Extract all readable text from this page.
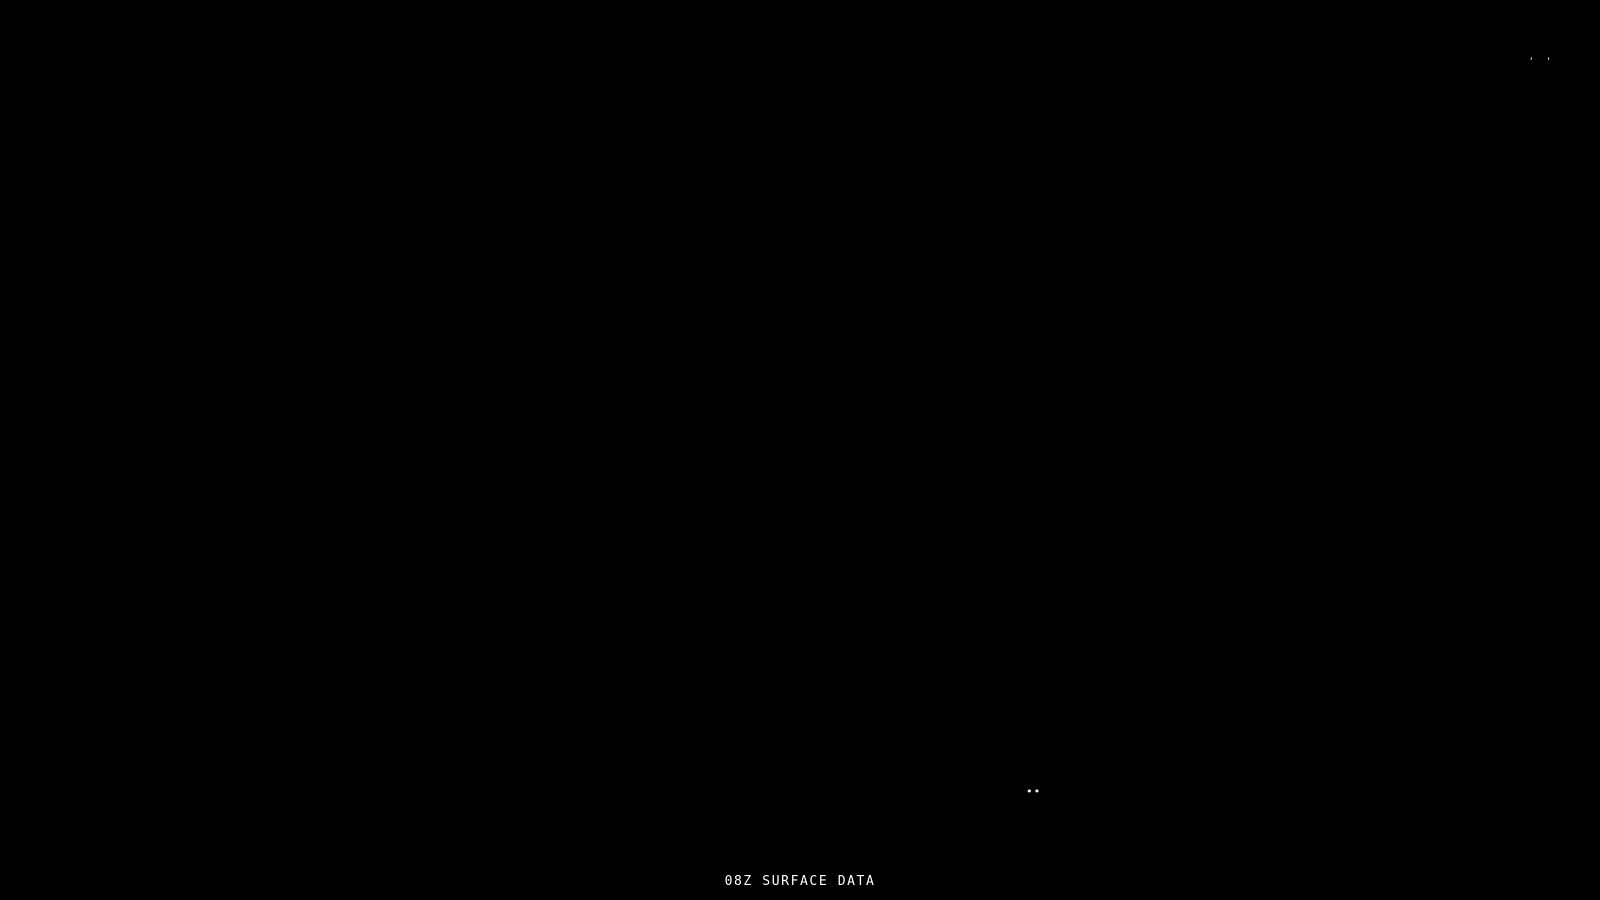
ʹ ʹ
••
08Z SURFACE DATA
